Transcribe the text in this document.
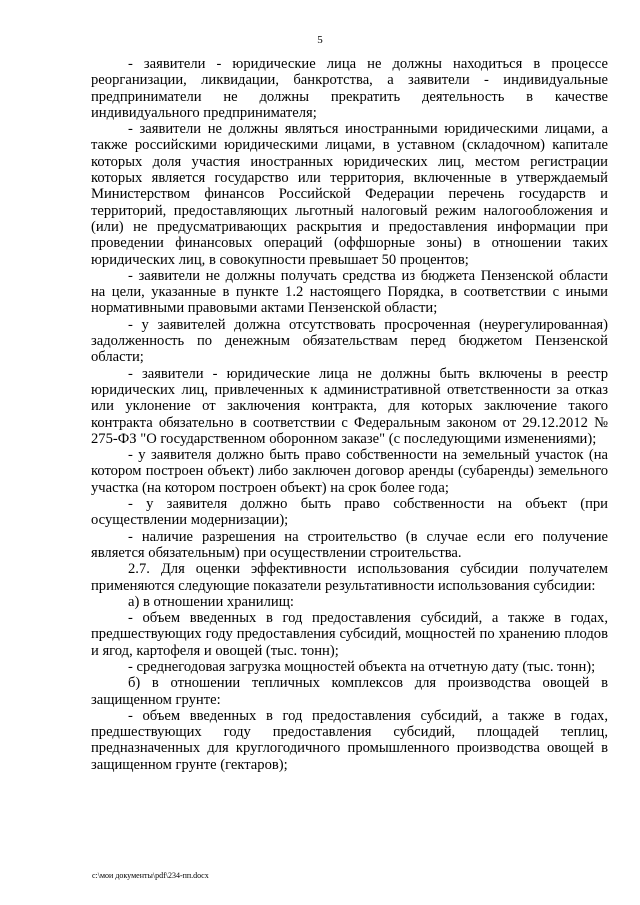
5

- заявители - юридические лица не должны находиться в процессе реорганизации, ликвидации, банкротства, а заявители - индивидуальные предприниматели не должны прекратить деятельность в качестве индивидуального предпринимателя;

- заявители не должны являться иностранными юридическими лицами, а также российскими юридическими лицами, в уставном (складочном) капитале которых доля участия иностранных юридических лиц, местом регистрации которых является государство или территория, включенные в утверждаемый Министерством финансов Российской Федерации перечень государств и территорий, предоставляющих льготный налоговый режим налогообложения и (или) не предусматривающих раскрытия и предоставления информации при проведении финансовых операций (оффшорные зоны) в отношении таких юридических лиц, в совокупности превышает 50 процентов;

- заявители не должны получать средства из бюджета Пензенской области на цели, указанные в пункте 1.2 настоящего Порядка, в соответствии с иными нормативными правовыми актами Пензенской области;

- у заявителей должна отсутствовать просроченная (неурегулированная) задолженность по денежным обязательствам перед бюджетом Пензенской области;

- заявители - юридические лица не должны быть включены в реестр юридических лиц, привлеченных к административной ответственности за отказ или уклонение от заключения контракта, для которых заключение такого контракта обязательно в соответствии с Федеральным законом от 29.12.2012 № 275-ФЗ "О государственном оборонном заказе" (с последующими изменениями);

- у заявителя должно быть право собственности на земельный участок (на котором построен объект) либо заключен договор аренды (субаренды) земельного участка (на котором построен объект) на срок более года;

- у заявителя должно быть право собственности на объект (при осуществлении модернизации);

- наличие разрешения на строительство (в случае если его получение является обязательным) при осуществлении строительства.

2.7. Для оценки эффективности использования субсидии получателем применяются следующие показатели результативности использования субсидии:

а) в отношении хранилищ:

- объем введенных в год предоставления субсидий, а также в годах, предшествующих году предоставления субсидий, мощностей по хранению плодов и ягод, картофеля и овощей (тыс. тонн);

- среднегодовая загрузка мощностей объекта на отчетную дату (тыс. тонн);

б) в отношении тепличных комплексов для производства овощей в защищенном грунте:

- объем введенных в год предоставления субсидий, а также в годах, предшествующих году предоставления субсидий, площадей теплиц, предназначенных для круглогодичного промышленного производства овощей в защищенном грунте (гектаров);

c:\мои документы\pdf\234-пп.docx
